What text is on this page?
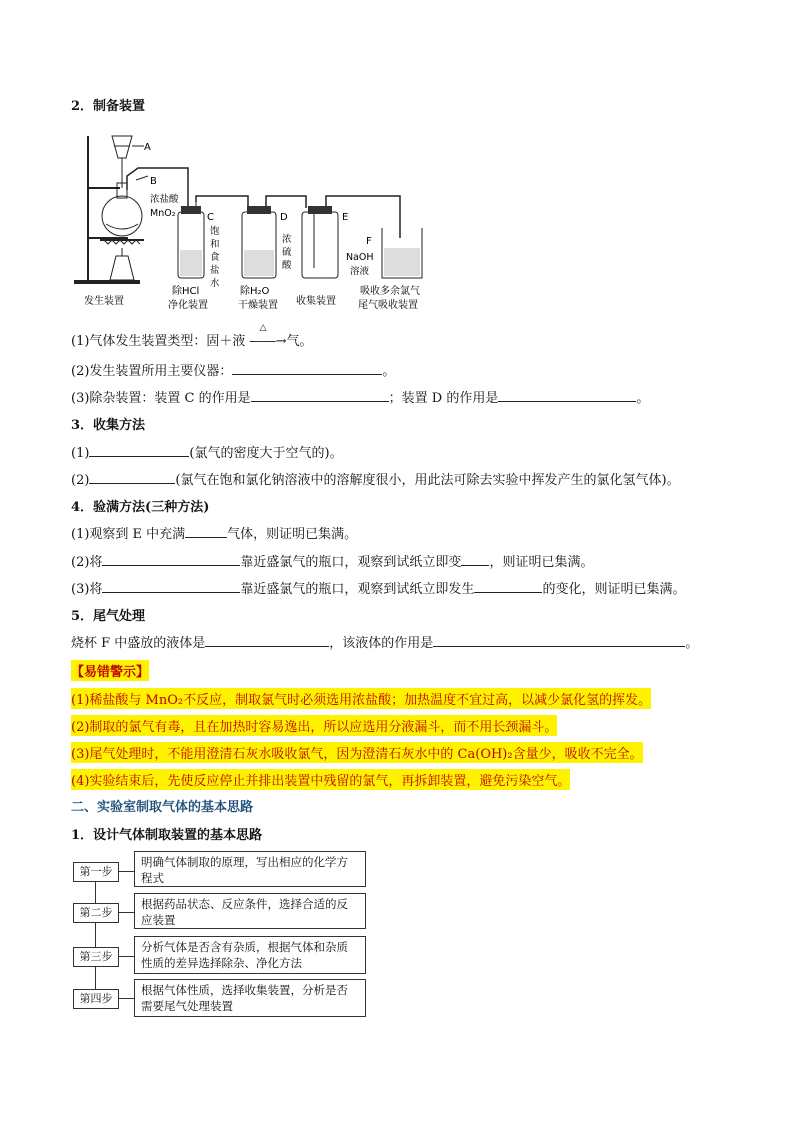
2．制备装置
A
B
浓盐酸
MnO₂	C
饱
和
食
盐
水
D
浓
硫
酸
E
F
NaOH
溶液
发生装置
除HCl
净化装置
除H₂O
干燥装置 收集装置
吸收多余氯气
尾气吸收装置
(1)气体发生装置类型：固＋液
△
――→气。
(2)发生装置所用主要仪器：	。
(3)除杂装置：装置 C 的作用是	；装置 D 的作用是	。
3．收集方法
(1)	(氯气的密度大于空气的)。
(2)	(氯气在饱和氯化钠溶液中的溶解度很小，用此法可除去实验中挥发产生的氯化氢气体)。
4．验满方法(三种方法)
(1)观察到 E 中充满	气体，则证明已集满。
(2)将	靠近盛氯气的瓶口，观察到试纸立即变 ，则证明已集满。
(3)将	靠近盛氯气的瓶口，观察到试纸立即发生	的变化，则证明已集满。
5．尾气处理
烧杯 F 中盛放的液体是	，该液体的作用是	。
【易错警示】
(1)稀盐酸与 MnO₂不反应，制取氯气时必须选用浓盐酸；加热温度不宜过高，以减少氯化氢的挥发。
(2)制取的氯气有毒，且在加热时容易逸出，所以应选用分液漏斗，而不用长颈漏斗。
(3)尾气处理时，不能用澄清石灰水吸收氯气，因为澄清石灰水中的 Ca(OH)₂含量少，吸收不完全。
(4)实验结束后，先使反应停止并排出装置中残留的氯气，再拆卸装置，避免污染空气。
二、实验室制取气体的基本思路
1．设计气体制取装置的基本思路
第一步
明确气体制取的原理，写出相应的化学方程式
第二步
根据药品状态、反应条件，选择合适的反应装置
第三步
分析气体是否含有杂质，根据气体和杂质性质的差异选择除杂、净化方法
第四步
根据气体性质，选择收集装置，分析是否需要尾气处理装置
